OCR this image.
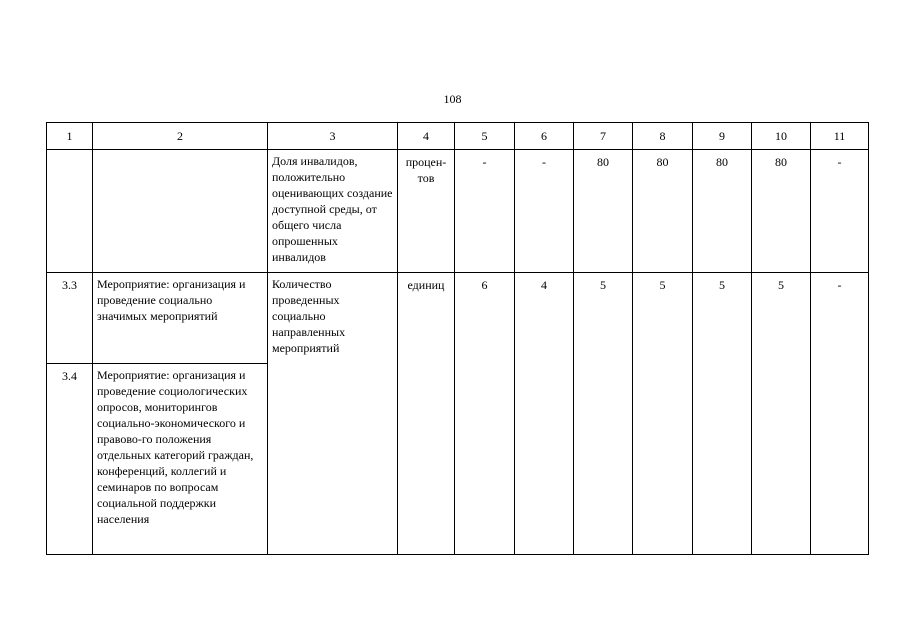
108
1	2	3	4	5	6	7	8	9	10	11
		Доля инвалидов, положительно оценивающих создание доступной среды, от общего числа опрошенных инвалидов	процен-тов	-	-	80	80	80	80	-
3.3	Мероприятие: организация и проведение социально значимых мероприятий	Количество проведенных социально направленных мероприятий	единиц	6	4	5	5	5	5	-
3.4	Мероприятие: организация и проведение социологических опросов, мониторингов социально-экономического и правово-го положения отдельных категорий граждан, конференций, коллегий и семинаров по вопросам социальной поддержки населения									
